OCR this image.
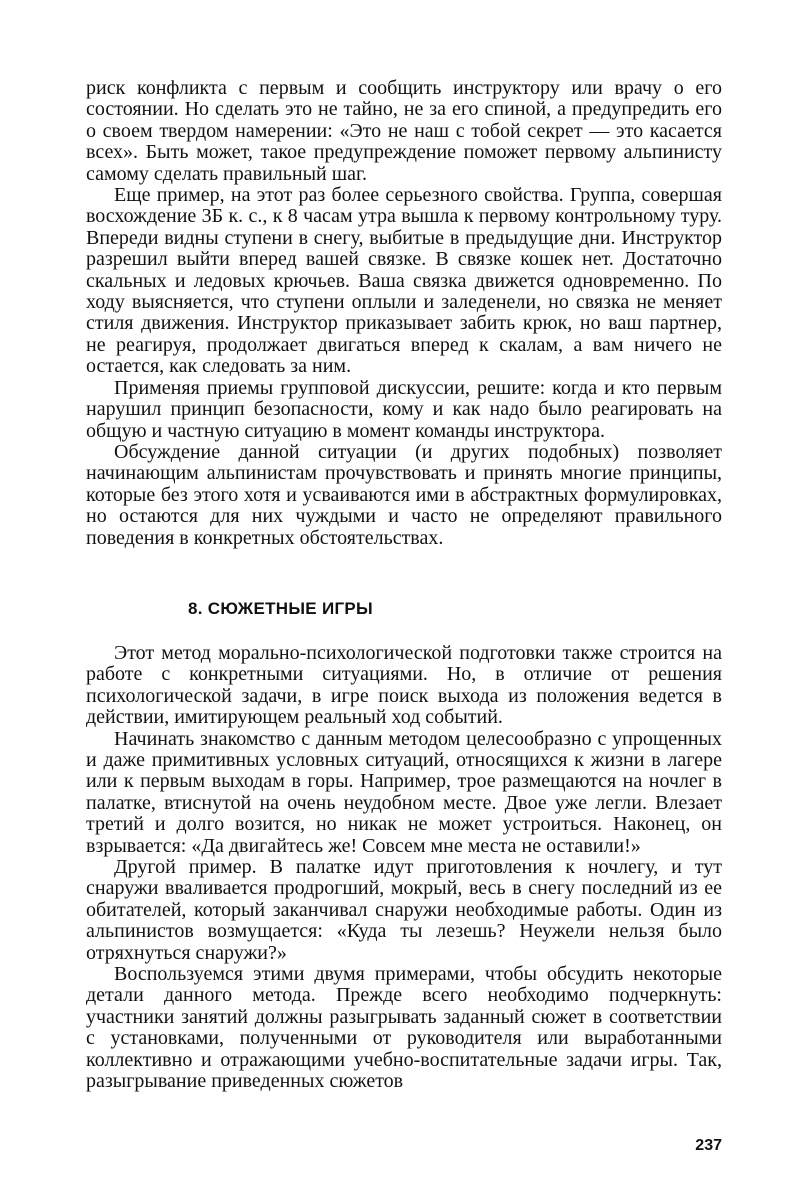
риск конфликта с первым и сообщить инструктору или врачу о его состоянии. Но сделать это не тайно, не за его спиной, а предупредить его о своем твердом намерении: «Это не наш с тобой секрет — это касается всех». Быть может, такое предупреждение поможет первому альпинисту самому сделать правильный шаг.

Еще пример, на этот раз более серьезного свойства. Группа, совершая восхождение 3Б к. с., к 8 часам утра вышла к первому контрольному туру. Впереди видны ступени в снегу, выбитые в предыдущие дни. Инструктор разрешил выйти вперед вашей связке. В связке кошек нет. Достаточно скальных и ледовых крючьев. Ваша связка движется одновременно. По ходу выясняется, что ступени оплыли и заледенели, но связка не меняет стиля движения. Инструктор приказывает забить крюк, но ваш партнер, не реагируя, продолжает двигаться вперед к скалам, а вам ничего не остается, как следовать за ним.

Применяя приемы групповой дискуссии, решите: когда и кто первым нарушил принцип безопасности, кому и как надо было реагировать на общую и частную ситуацию в момент команды инструктора.

Обсуждение данной ситуации (и других подобных) позволяет начинающим альпинистам прочувствовать и принять многие принципы, которые без этого хотя и усваиваются ими в абстрактных формулировках, но остаются для них чуждыми и часто не определяют правильного поведения в конкретных обстоятельствах.

8. СЮЖЕТНЫЕ ИГРЫ

Этот метод морально-психологической подготовки также строится на работе с конкретными ситуациями. Но, в отличие от решения психологической задачи, в игре поиск выхода из положения ведется в действии, имитирующем реальный ход событий.

Начинать знакомство с данным методом целесообразно с упрощенных и даже примитивных условных ситуаций, относящихся к жизни в лагере или к первым выходам в горы. Например, трое размещаются на ночлег в палатке, втиснутой на очень неудобном месте. Двое уже легли. Влезает третий и долго возится, но никак не может устроиться. Наконец, он взрывается: «Да двигайтесь же! Совсем мне места не оставили!»

Другой пример. В палатке идут приготовления к ночлегу, и тут снаружи вваливается продрогший, мокрый, весь в снегу последний из ее обитателей, который заканчивал снаружи необходимые работы. Один из альпинистов возмущается: «Куда ты лезешь? Неужели нельзя было отряхнуться снаружи?»

Воспользуемся этими двумя примерами, чтобы обсудить некоторые детали данного метода. Прежде всего необходимо подчеркнуть: участники занятий должны разыгрывать заданный сюжет в соответствии с установками, полученными от руководителя или выработанными коллективно и отражающими учебно-воспитательные задачи игры. Так, разыгрывание приведенных сюжетов

237
